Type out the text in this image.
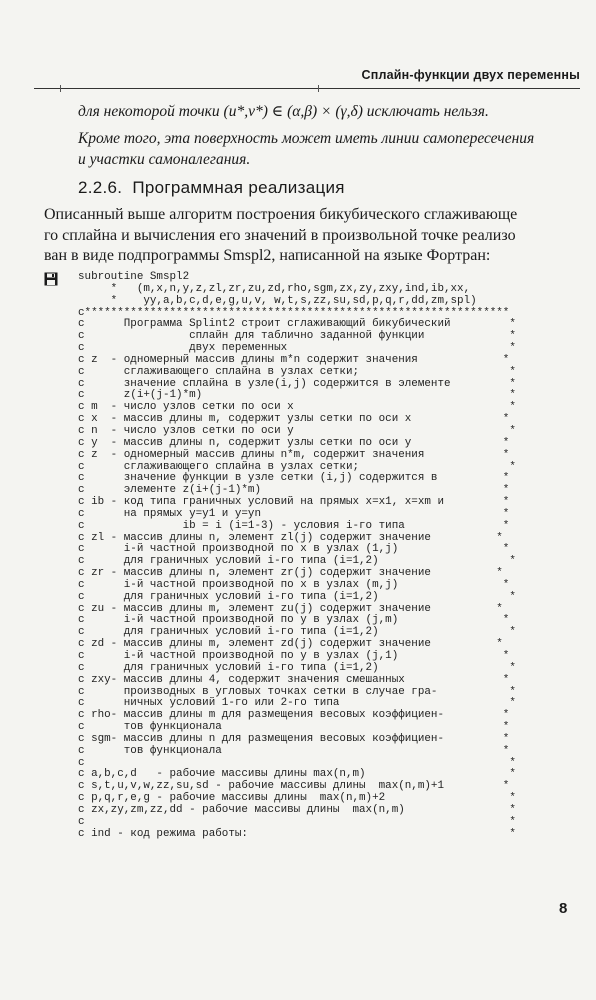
Сплайн-функции двух переменны
для некоторой точки (u*,v*) ∈ (α,β) × (γ,δ) исключать нельзя.
Кроме того, эта поверхность может иметь линии самопересечения
и участки самоналегания.
2.2.6. Программная реализация
Описанный выше алгоритм построения бикубического сглаживающе
го сплайна и вычисления его значений в произвольной точке реализо
ван в виде подпрограммы Smspl2, написанной на языке Фортран:
subroutine Smspl2
*   (m,x,n,y,z,zl,zr,zu,zd,rho,sgm,zx,zy,zxy,ind,ib,xx,
*    yy,a,b,c,d,e,g,u,v, w,t,s,zz,su,sd,p,q,r,dd,zm,spl)
c*****************************************************************
c      Программа Splint2 строит сглаживающий бикубический         *
c                сплайн для таблично заданной функции             *
c                двух переменных                                  *
c z  - одномерный массив длины m*n содержит значения             *
c      сглаживающего сплайна в узлах сетки;                       *
c      значение сплайна в узле(i,j) содержится в элементе         *
c      z(i+(j-1)*m)                                               *
c m  - число узлов сетки по оси x                                 *
c x  - массив длины m, содержит узлы сетки по оси x              *
c n  - число узлов сетки по оси y                                 *
c y  - массив длины n, содержит узлы сетки по оси y              *
c z  - одномерный массив длины n*m, содержит значения            *
c      сглаживающего сплайна в узлах сетки;                       *
c      значение функции в узле сетки (i,j) содержится в          *
c      элементе z(i+(j-1)*m)                                     *
c ib - код типа граничных условий на прямых x=x1, x=xm и         *
c      на прямых y=y1 и y=yn                                     *
c               ib = i (i=1-3) - условия i-го типа               *
c zl - массив длины n, элемент zl(j) содержит значение          *
c      i-й частной производной по x в узлах (1,j)                *
c      для граничных условий i-го типа (i=1,2)                    *
c zr - массив длины n, элемент zr(j) содержит значение          *
c      i-й частной производной по x в узлах (m,j)                *
c      для граничных условий i-го типа (i=1,2)                    *
c zu - массив длины m, элемент zu(j) содержит значение          *
c      i-й частной производной по y в узлах (j,m)                *
c      для граничных условий i-го типа (i=1,2)                    *
c zd - массив длины m, элемент zd(j) содержит значение          *
c      i-й частной производной по y в узлах (j,1)                *
c      для граничных условий i-го типа (i=1,2)                    *
c zxy- массив длины 4, содержит значения смешанных               *
c      производных в угловых точках сетки в случае гра-           *
c      ничных условий 1-го или 2-го типа                          *
c rho- массив длины m для размещения весовых коэффициен-         *
c      тов функционала                                           *
c sgm- массив длины n для размещения весовых коэффициен-         *
c      тов функционала                                           *
c                                                                 *
c a,b,c,d   - рабочие массивы длины max(n,m)                      *
c s,t,u,v,w,zz,su,sd - рабочие массивы длины  max(n,m)+1         *
c p,q,r,e,g - рабочие массивы длины  max(n,m)+2                   *
c zx,zy,zm,zz,dd - рабочие массивы длины  max(n,m)                *
c                                                                 *
c ind - код режима работы:                                        *
8
